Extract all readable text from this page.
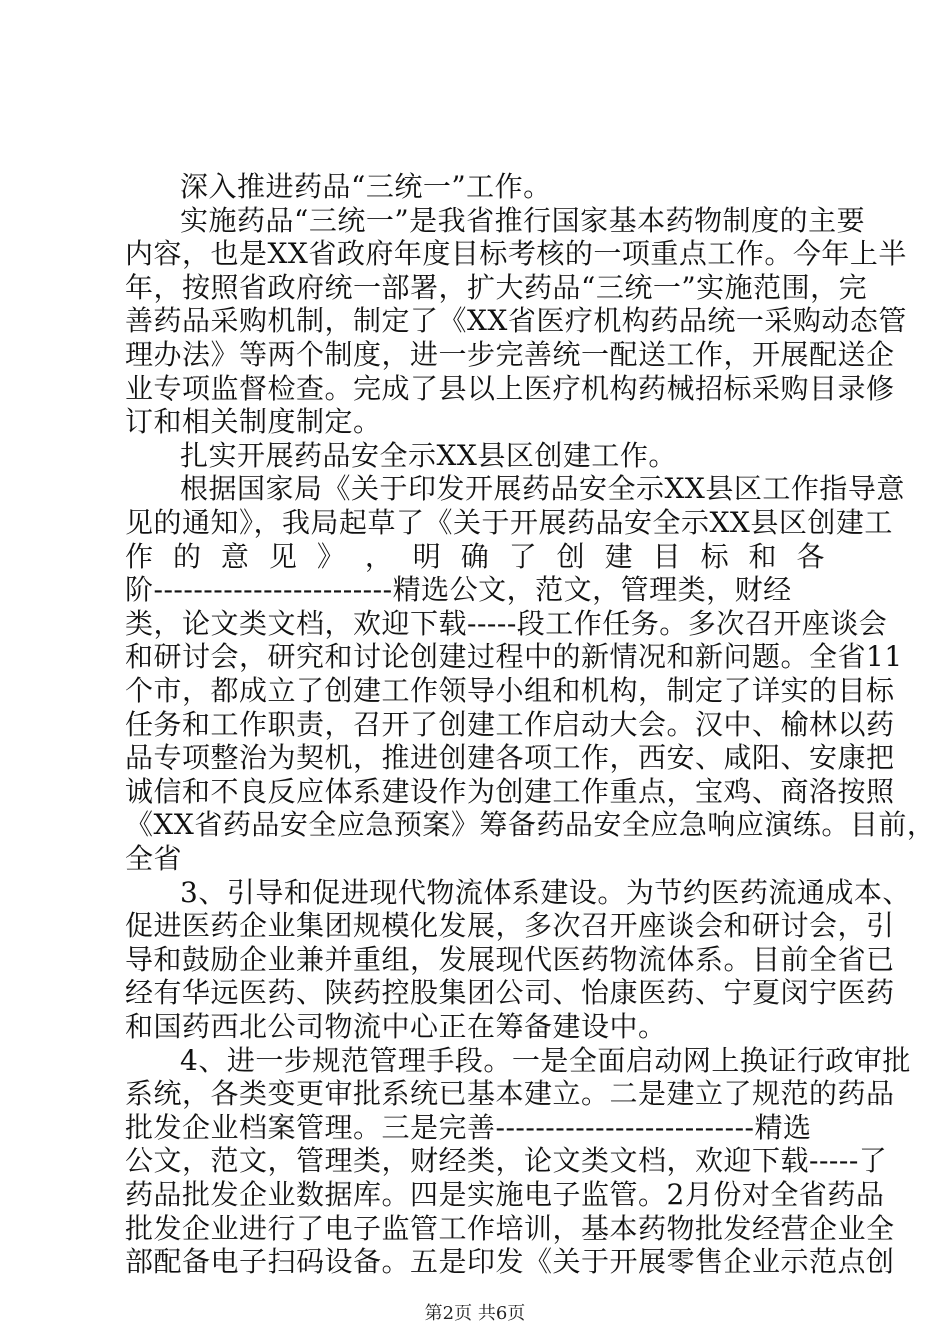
深入推进药品“三统一”工作。
实施药品“三统一”是我省推行国家基本药物制度的主要
内容，也是XX省政府年度目标考核的一项重点工作。今年上半
年，按照省政府统一部署，扩大药品“三统一”实施范围，完
善药品采购机制，制定了《XX省医疗机构药品统一采购动态管
理办法》等两个制度，进一步完善统一配送工作，开展配送企
业专项监督检查。完成了县以上医疗机构药械招标采购目录修
订和相关制度制定。
扎实开展药品安全示XX县区创建工作。
根据国家局《关于印发开展药品安全示XX县区工作指导意
见的通知》，我局起草了《关于开展药品安全示XX县区创建工
作 的 意 见 》 ， 明 确 了 创 建 目 标 和 各
阶------------------------精选公文，范文，管理类，财经
类，论文类文档，欢迎下载-----段工作任务。多次召开座谈会
和研讨会，研究和讨论创建过程中的新情况和新问题。全省11
个市，都成立了创建工作领导小组和机构，制定了详实的目标
任务和工作职责，召开了创建工作启动大会。汉中、榆林以药
品专项整治为契机，推进创建各项工作，西安、咸阳、安康把
诚信和不良反应体系建设作为创建工作重点，宝鸡、商洛按照
《XX省药品安全应急预案》筹备药品安全应急响应演练。目前，
全省
3、引导和促进现代物流体系建设。为节约医药流通成本、
促进医药企业集团规模化发展，多次召开座谈会和研讨会，引
导和鼓励企业兼并重组，发展现代医药物流体系。目前全省已
经有华远医药、陕药控股集团公司、怡康医药、宁夏闵宁医药
和国药西北公司物流中心正在筹备建设中。
4、进一步规范管理手段。一是全面启动网上换证行政审批
系统，各类变更审批系统已基本建立。二是建立了规范的药品
批发企业档案管理。三是完善--------------------------精选
公文，范文，管理类，财经类，论文类文档，欢迎下载-----了
药品批发企业数据库。四是实施电子监管。2月份对全省药品
批发企业进行了电子监管工作培训，基本药物批发经营企业全
部配备电子扫码设备。五是印发《关于开展零售企业示范点创
第2页 共6页
